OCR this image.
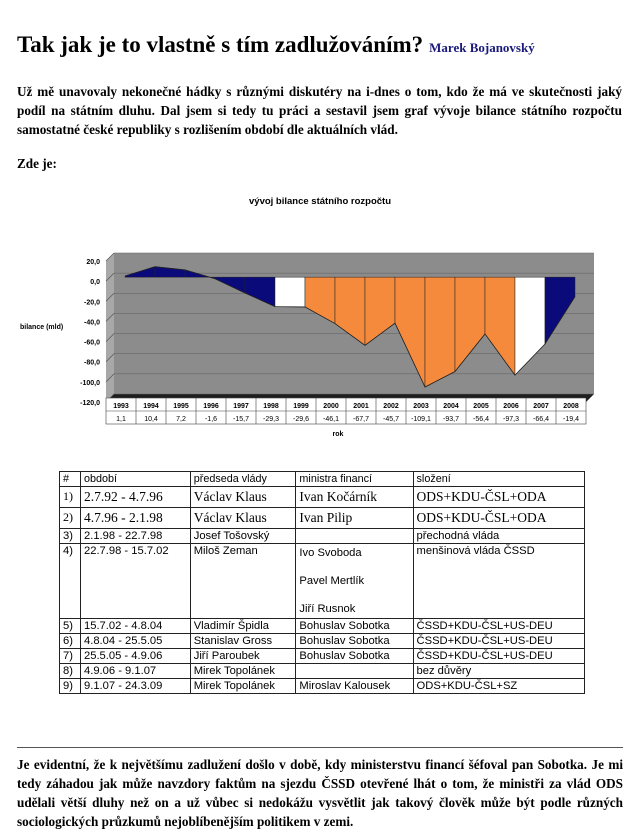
Tak jak je to vlastně s tím zadlužováním? Marek Bojanovský

Už mě unavovaly nekonečné hádky s různými diskutéry na i-dnes o tom, kdo že má ve skutečnosti jaký podíl na státním dluhu. Dal jsem si tedy tu práci a sestavil jsem graf vývoje bilance státního rozpočtu samostatné české republiky s rozlišením období dle aktuálních vlád.

Zde je:

vývoj bilance státního rozpočtu
20,0
0,0
-20,0
-40,0
-60,0
-80,0
-100,0
-120,0
bilance (mld)
1993
1,1
1994
10,4
1995
7,2
1996
-1,6
1997
-15,7
1998
-29,3
1999
-29,6
2000
-46,1
2001
-67,7
2002
-45,7
2003
-109,1
2004
-93,7
2005
-56,4
2006
-97,3
2007
-66,4
2008
-19,4
rok
#	období	předseda vlády	ministra financí	složení
1)	2.7.92 - 4.7.96	Václav Klaus	Ivan Kočárník	ODS+KDU-ČSL+ODA
2)	4.7.96 - 2.1.98	Václav Klaus	Ivan Pilip	ODS+KDU-ČSL+ODA
3)	2.1.98 - 22.7.98	Josef Tošovský		přechodná vláda
4)	22.7.98 - 15.7.02	Miloš Zeman	Ivo Svoboda
Pavel Mertlík
Jiří Rusnok	menšinová vláda ČSSD
5)	15.7.02 - 4.8.04	Vladimír Špidla	Bohuslav Sobotka	ČSSD+KDU-ČSL+US-DEU
6)	4.8.04 - 25.5.05	Stanislav Gross	Bohuslav Sobotka	ČSSD+KDU-ČSL+US-DEU
7)	25.5.05 - 4.9.06	Jiří Paroubek	Bohuslav Sobotka	ČSSD+KDU-ČSL+US-DEU
8)	4.9.06 - 9.1.07	Mirek Topolánek		bez důvěry
9)	9.1.07 - 24.3.09	Mirek Topolánek	Miroslav Kalousek	ODS+KDU-ČSL+SZ

Je evidentní, že k největšímu zadlužení došlo v době, kdy ministerstvu financí šéfoval pan Sobotka. Je mi tedy záhadou jak může navzdory faktům na sjezdu ČSSD otevřené lhát o tom, že ministři za vlád ODS udělali větší dluhy než on a už vůbec si nedokážu vysvětlit jak takový člověk může být podle různých sociologických průzkumů nejoblíbenějším politikem v zemi.
